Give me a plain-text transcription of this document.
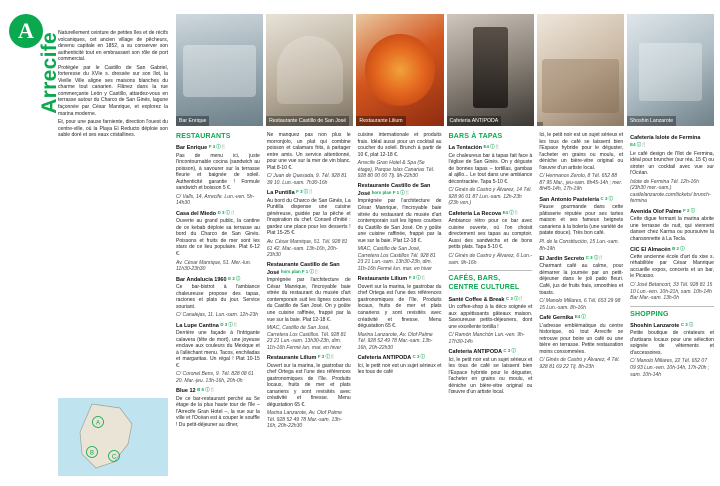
A
Arrecife

Naturellement ceinture de petites îles et de récifs volcaniques, cet ancien village de pêcheurs, devenu capitale en 1852, a su conserver son authenticité tout en embrassant son rôle de port commercial.

Protégée par le Castillo de San Gabriel, forteresse du XVIe s. dressée sur son îlot, la Vieille Ville aligne ses maisons blanches du charme tout canarien. Flânez dans la rue commerçante León y Castillo, attardez-vous en terrasse autour du Charco de San Ginés, lagune façonnée par César Manrique, et explorez la marina moderne.

Et, pour une pause farniente, direction l'ouest du centre-ville, où la Playa El Reducto déploie son sable doré et ses eaux cristallines.

A
B
C
Bar Enrique	Restaurante Castillo de San José	Restaurante Lilium	Cafeteria ANTIPODA	Shoshin Lanzarote
RESTAURANTS
Bar Enrique F 3 ⓘ🍴

Pas de menu ici, juste l'incontournable cocina (sandwich au poisson), à savourer sur la terrasse fleurie et baignée de soleil. Authenticité garantie ! Formule sandwich et boisson 5 €.

C/ Valls, 14, Arrecife. Lun.-ven. 5h-14h30

Casa del Miedo D 3 ⓘ🍴

Ouverte au grand public, la cantine de ce kebab déploie sa terrasse au bord du Charco de San Ginés. Poissons et fruits de mer sont les stars de ce lieu populaire. Plat 6-12 €.

Av. César Manrique, 51. Mer.-lun. 11h30-23h30

Bar Andalucía 1960 E 3 ⓘ

Ce bar-bistrot à l'ambiance chaleureuse propose des tapas, raciones et plats du jour. Service souriant.

C/ Canalejas, 11. Lun.-sam. 12h-23h

La Lupe Cantina D 3 ⓘ🍴

Derrière une façade à l'intrigante calavera (tête de mort), une joyeuse enclave aux couleurs du Mexique et à l'allèchant menu. Tacos, enchiladas et margaritas. Un régal ! Plat 10-15 €.

C/ Coronel Bens, 9. Tél. 828 08 61 20. Mar.-jeu. 13h-16h, 20h-0h

Blue 12 B 5 ⓘ🍴

De ce bar-restaurant perché au 5e étage de la plus haute tour de l'île – l'Arrecife Gran Hotel –, la vue sur la ville et l'Océan est à couper le souffle ! Du petit-déjeuner au dîner,

Ne manquez pas non plus le morronjolo, un plat qui combine poisson et calamars frits, à partager entre amis. Un service attentionné, pour une vue sur la mer de vin blanc. Plat 8-10 €.

C/ Juan de Quesada, 9. Tél. 928 81 39 10. Lun.-sam. 7h30-16h

La Puntilla F 3 ⓘ🍴

Au bord du Charco de San Ginés, La Puntilla dispense une cuisine généreuse, guidée par la pêche et l'inspiration du chef. Conseil d'initié : gardez une place pour les desserts ! Plat 15-25 €.

Av. César Manrique, 51. Tél. 928 81 61 42. Mar.-sam. 13h-16h, 20h-23h30

Restaurante Castillo de San José hors plan F 1 ⓘ🍴

Imprégnée par l'architecture de César Manrique, l'incroyable baie vitrée du restaurant du musée d'art contemporain suit les lignes courbes du Castillo de San José. On y goûte une cuisine raffinée, frappé par la vue sur la baie. Plat 12-18 €.

MIAC, Castillo de San José, Carretera Los Castillos. Tél. 928 81 23 21 Lun.-sam. 13h30-23h, dim. 11h-16h Fermé lun. mar. en hiver

Restaurante Lilium F 3 ⓘ🍴

Ouvert sur la marina, le gastrobar du chef Ortega est l'une des références gastronomiques de l'île. Produits locaux, fruits de mer et plats canariens y sont revisités avec créativité et finesse. Menu dégustation 65 €.

Marina Lanzarote, Av. Olof Palme Tél. 928 52 49 78 Mar.-sam. 13h-16h, 20h-22h30

cuisine internationale et produits frais. Idéal aussi pour un cocktail au coucher du soleil. Brunch à partir de 10 €, plat 12-18 €.

Arrecife Gran Hotel & Spa (5e étage), Parque Islas Canarias Tél. 928 80 00 00 Tlj. 9h-22h30

Restaurante Castillo de San José hors plan F 1 ⓘ🍴

Imprégnée par l'architecture de César Manrique, l'incroyable baie vitrée du restaurant du musée d'art contemporain suit les lignes courbes du Castillo de San José. On y goûte une cuisine raffinée, frappé par la vue sur la baie. Plat 12-18 €.

MIAC, Castillo de San José, Carretera Los Castillos Tél. 928 81 23 21 Lun.-sam. 13h30-23h, dim. 11h-16h Fermé lun. mar. en hiver

Restaurante Lilium F 3 ⓘ🍴

Ouvert sur la marina, le gastrobar du chef Ortega est l'une des références gastronomiques de l'île. Produits locaux, fruits de mer et plats canariens y sont revisités avec créativité et finesse. Menu dégustation 65 €.

Marina Lanzarote, Av. Olof Palme Tél. 928 52 49 78 Mar.-sam. 13h-16h, 20h-22h30

Cafeteria ANTIPODA C 3 ⓘ

Ici, le petit noir est un sujet sérieux et les tous de café

BARS À TAPAS
La Tentación E4 ⓘ🍴

Ce chaleureux bar à tapas fait face à l'église de San Ginés. On y déguste de bonnes tapas – tortillas, gambas al ajillo... Le tout dans une ambiance décontractée. Tapa 5-10 €.

C/ Ginés de Castro y Álvarez, 14 Tél. 928 96 01 87 Lun.-sam. 12h-23h (23h ven.)

Cafetería La Recova E4 ⓘ🍴

Ambiance rétro pour ce bar avec cuisine ouverte, où l'on choisit directement ses tapas au comptoir. Aussi des sandwichs et de bons petits plats. Tapa 5-10 €.

C/ Ginés de Castro y Álvarez, 6 Lun.-sam. 9h-16h

CAFÉS, BARS, CENTRE CULTUREL
Santé Coffee & Break C 3 ⓘ🍴

Un coffee-shop à la déco soignée et aux appétissants gâteaux maison. Savoureuse petits-déjeuners, dont une excellente tortilla !

C/ Ramón Manchón Lun.-ven. 9h-17h30-14h

Cafeteria ANTIPODA C 3 ⓘ

Ici, le petit noir est un sujet sérieux et les tous de café se laissent bien l'Espace hybride pour le déguster, l'acheter en grains ou moulu, et déniche un bière-vitre original ou l'œuvre d'un artiste local.

Ici, le petit noir est un sujet sérieux et les tous de café se laissent bien l'Espace hybride pour le déguster, l'acheter en grains ou moulu, et déniche un bière-vitre original ou l'œuvre d'un artiste local.

C/ Hermanos Zerolo, 8 Tél. 652 88 87 95 Mar., jeu-sam. 8h45-14h ; mer. 8h45-14h, 17h-19h

San Antonio Pastelería C 3 ⓘ

Pause gourmande dans cette pâtisserie réputée pour ses tartes maison et ses fameux beignets canariens à la bolería (une variété de patate douce). Très bon café.

Pl. de la Constitución, 15 Lun.-sam. 8h-19h

El Jardín Secreto C 3 ⓘ🍴

Charmant café au calme, pour démarrer la journée par un petit-déjeuner dans le joli patio fleuri. Café, jus de fruits frais, smoothies et toasts.

C/ Manolo Millares, 6 Tél. 653 29 98 15 Lun.-sam. 8h-16h

Café Gernika E4 ⓘ

L'adresse emblématique du centre historique, où tout Arrecife se retrouve pour boire un café ou une bière en terrasse. Petite restauration moins consommées.

C/ Ginés de Castro y Álvarez, 4 Tél. 928 81 69 22 Tlj. 8h-23h

Cafetería Islote de Fermina E4 ⓘ🍴

Le café design de l'îlot de Fermina, idéal pour bruncher (sur réa. 15 €) ou siroter un cocktail avec vue sur l'Océan.

Islote de Fermina Tél. 12h-16h (23h30 mer.-sam.) castlelanzarote.com/tickets/ brunch-fermina

Avenida Olof Palme F 2 ⓘ

Cette digue fermant la marina abrite une terrasse de nuit, qui viennent danser chez Karma ou poursuivre la chansonnette à La Tecla.

CIC El Almacén B 2 ⓘ

Cette ancienne école d'art du xixe s. réhabilitée par César Manrique accueille expos, concerts et un bar, le Picasso.

C/ José Betancort, 33 Tél. 928 81 15 10 Lun.-ven. 10h-21h, sam. 10h-14h Bar Mar.-sam. 13h-0h

SHOPPING
Shoshin Lanzarote C 3 ⓘ

Petite boutique de créateurs et d'artisans locaux pour une sélection soignée de vêtements et d'accessoires.

C/ Manolo Millares, 22 Tél. 652 07 09 93 Lun.-ven. 10h-14h, 17h-20h ; sam. 10h-14h
